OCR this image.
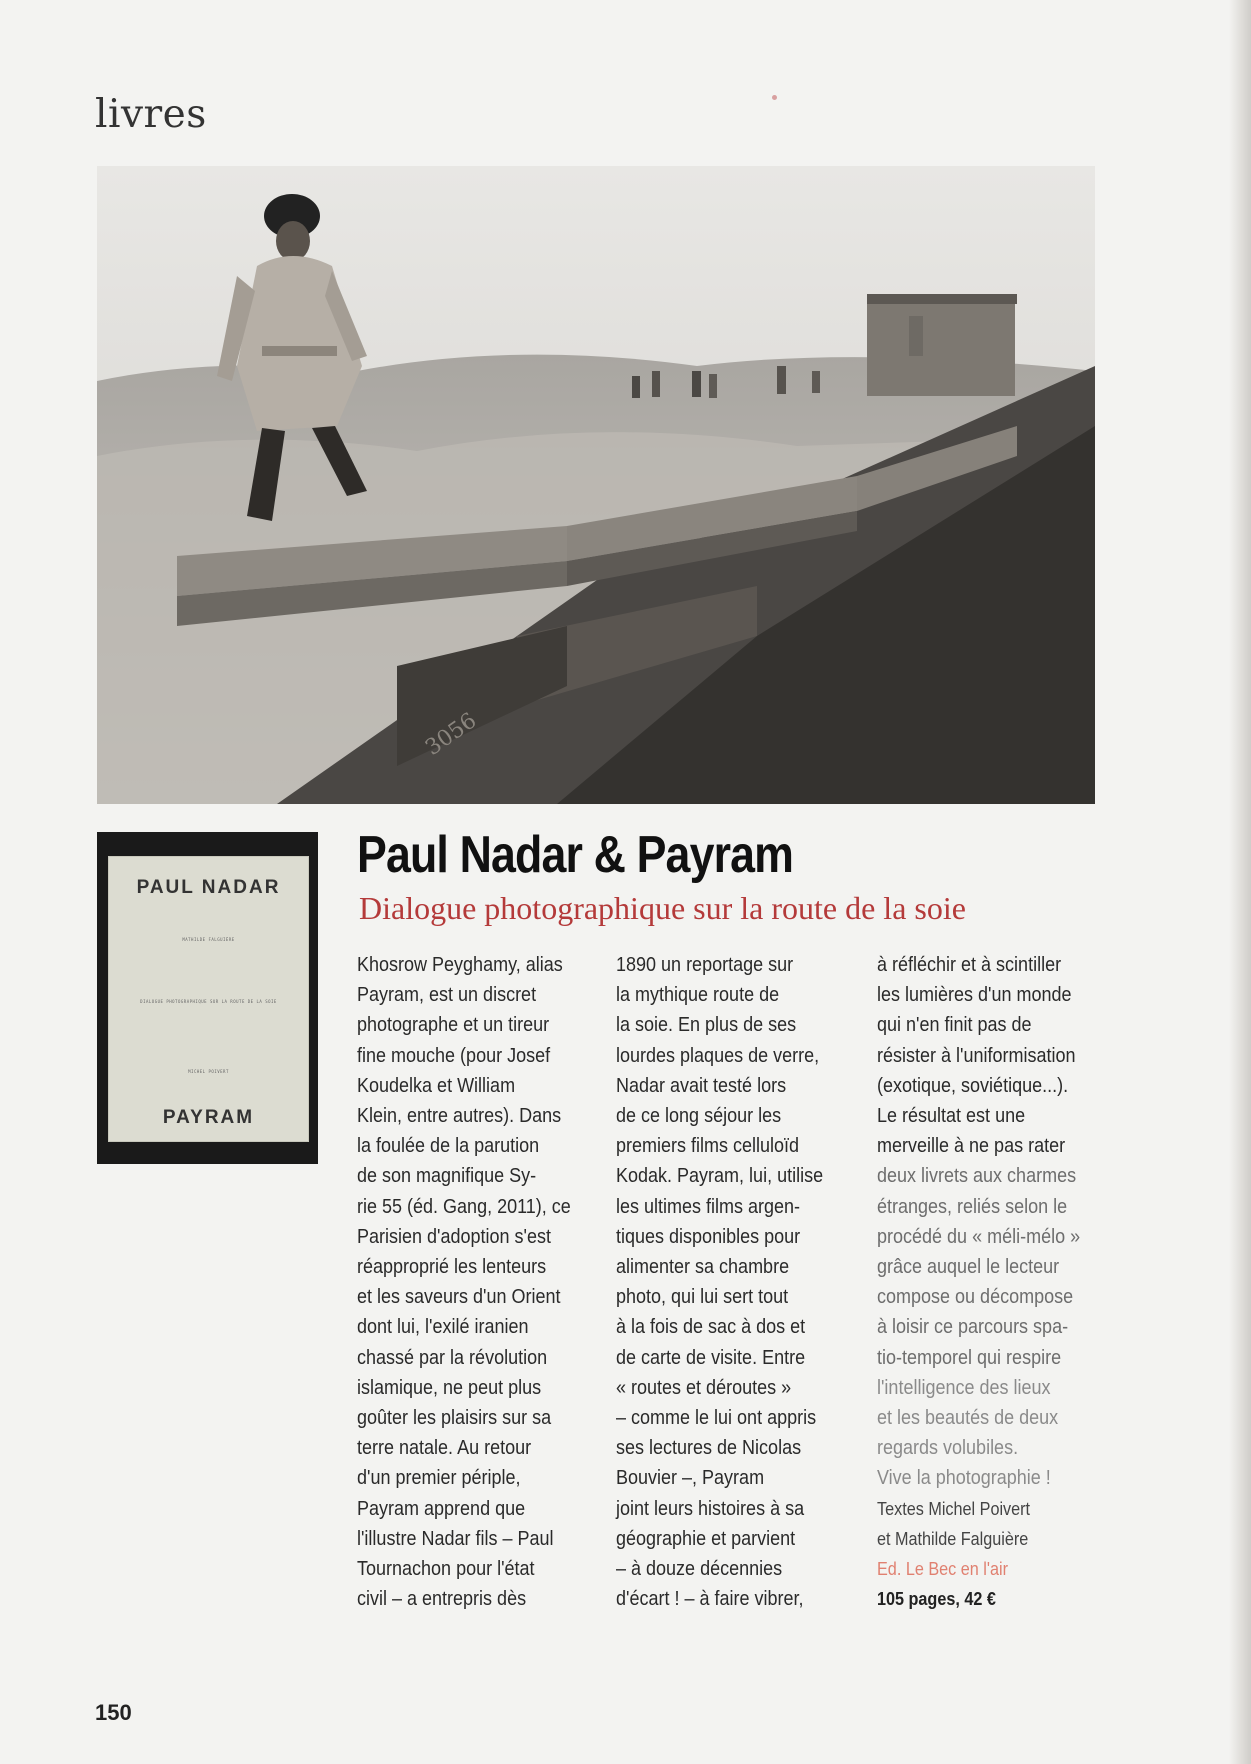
livres
3056
PAUL NADAR
MATHILDE FALGUIÈRE
DIALOGUE PHOTOGRAPHIQUE SUR LA ROUTE DE LA SOIE
MICHEL POIVERT
PAYRAM
Paul Nadar & Payram
Dialogue photographique sur la route de la soie
Khosrow Peyghamy, alias
Payram, est un discret
photographe et un tireur
fine mouche (pour Josef
Koudelka et William
Klein, entre autres). Dans
la foulée de la parution
de son magnifique Sy-
rie 55 (éd. Gang, 2011), ce
Parisien d'adoption s'est
réapproprié les lenteurs
et les saveurs d'un Orient
dont lui, l'exilé iranien
chassé par la révolution
islamique, ne peut plus
goûter les plaisirs sur sa
terre natale. Au retour
d'un premier périple,
Payram apprend que
l'illustre Nadar fils – Paul
Tournachon pour l'état
civil – a entrepris dès
1890 un reportage sur
la mythique route de
la soie. En plus de ses
lourdes plaques de verre,
Nadar avait testé lors
de ce long séjour les
premiers films celluloïd
Kodak. Payram, lui, utilise
les ultimes films argen-
tiques disponibles pour
alimenter sa chambre
photo, qui lui sert tout
à la fois de sac à dos et
de carte de visite. Entre
« routes et déroutes »
– comme le lui ont appris
ses lectures de Nicolas
Bouvier –, Payram
joint leurs histoires à sa
géographie et parvient
– à douze décennies
d'écart ! – à faire vibrer,
à réfléchir et à scintiller
les lumières d'un monde
qui n'en finit pas de
résister à l'uniformisation
(exotique, soviétique...).
Le résultat est une
merveille à ne pas rater
deux livrets aux charmes
étranges, reliés selon le
procédé du « méli-mélo »
grâce auquel le lecteur
compose ou décompose
à loisir ce parcours spa-
tio-temporel qui respire
l'intelligence des lieux
et les beautés de deux
regards volubiles.
Vive la photographie !
Textes Michel Poivert
et Mathilde Falguière
Ed. Le Bec en l'air
105 pages, 42 €
150
